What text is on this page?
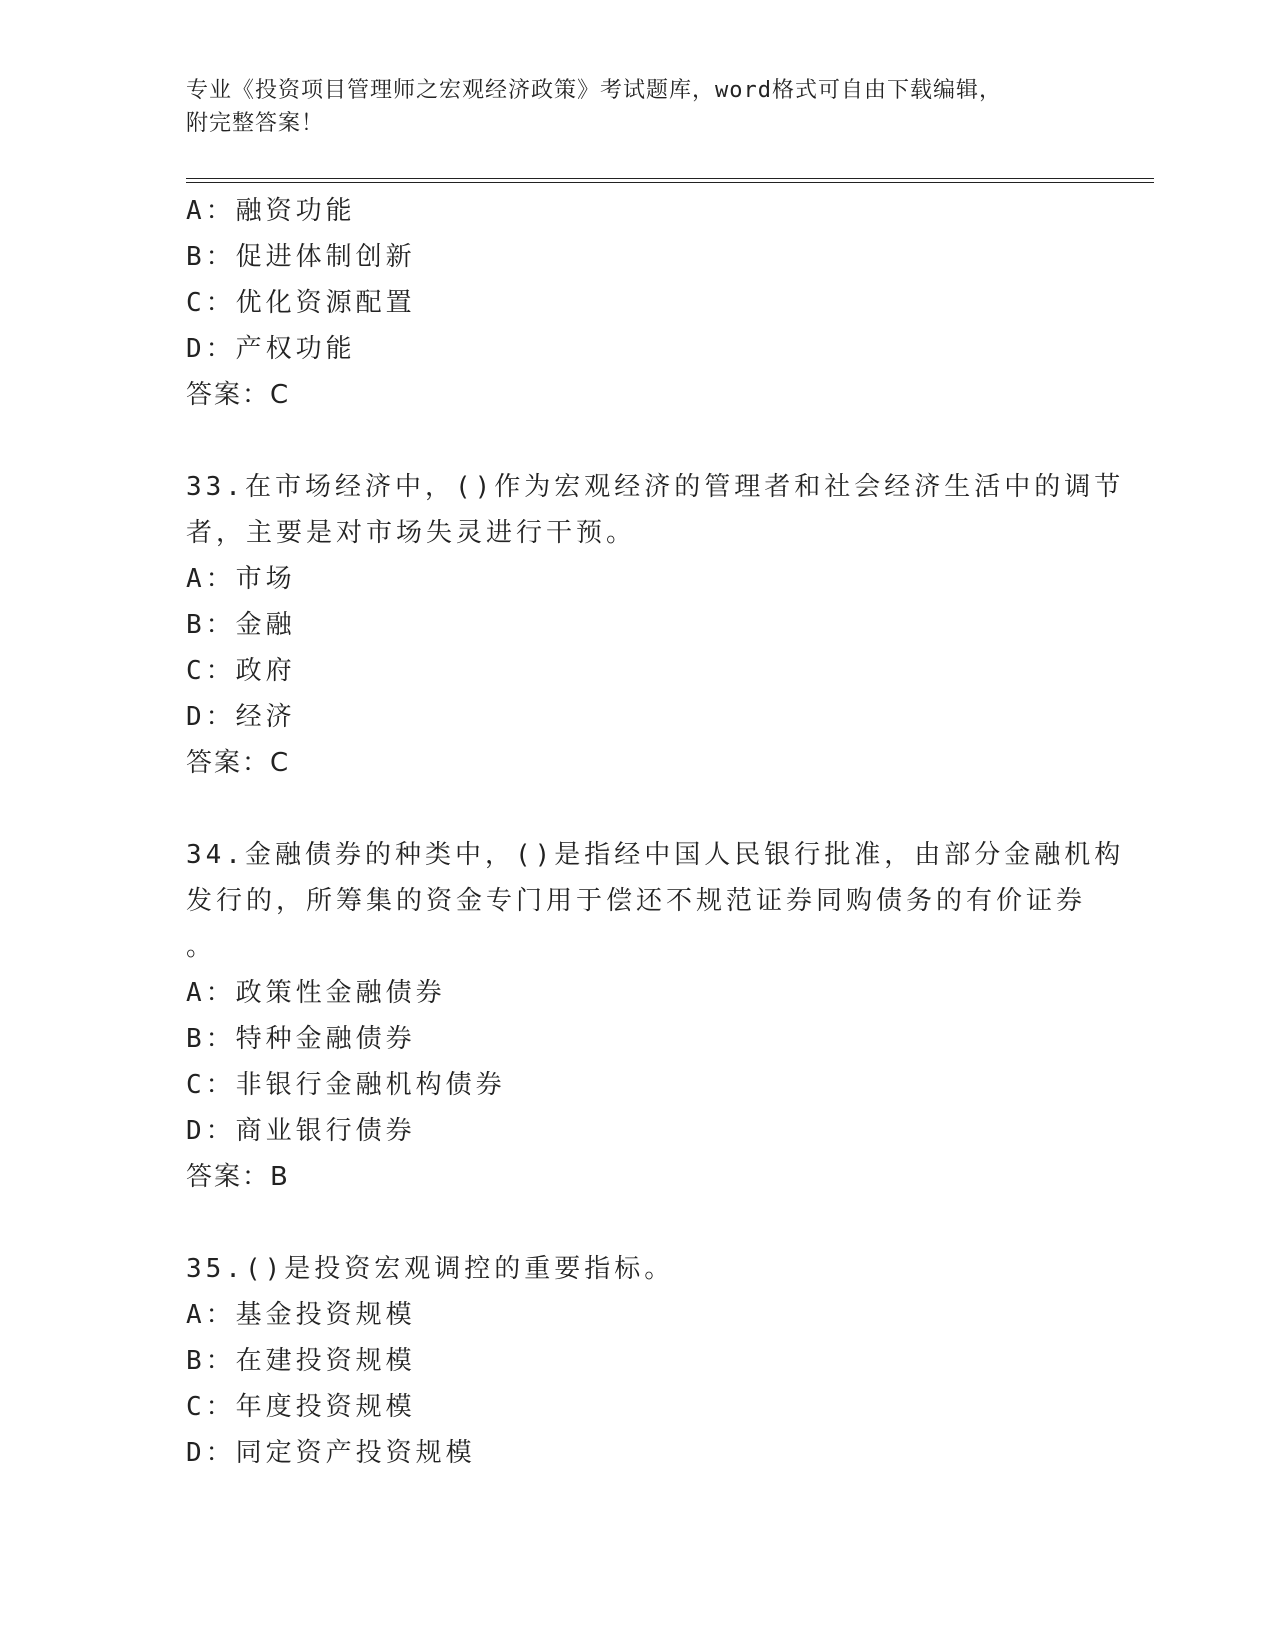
专业《投资项目管理师之宏观经济政策》考试题库，word格式可自由下载编辑，
附完整答案！
A：融资功能
B：促进体制创新
C：优化资源配置
D：产权功能
答案：C
33.在市场经济中，()作为宏观经济的管理者和社会经济生活中的调节
者，主要是对市场失灵进行干预。
A：市场
B：金融
C：政府
D：经济
答案：C
34.金融债券的种类中，()是指经中国人民银行批准，由部分金融机构
发行的，所筹集的资金专门用于偿还不规范证券同购债务的有价证券
。
A：政策性金融债券
B：特种金融债券
C：非银行金融机构债券
D：商业银行债券
答案：B
35.()是投资宏观调控的重要指标。
A：基金投资规模
B：在建投资规模
C：年度投资规模
D：同定资产投资规模
